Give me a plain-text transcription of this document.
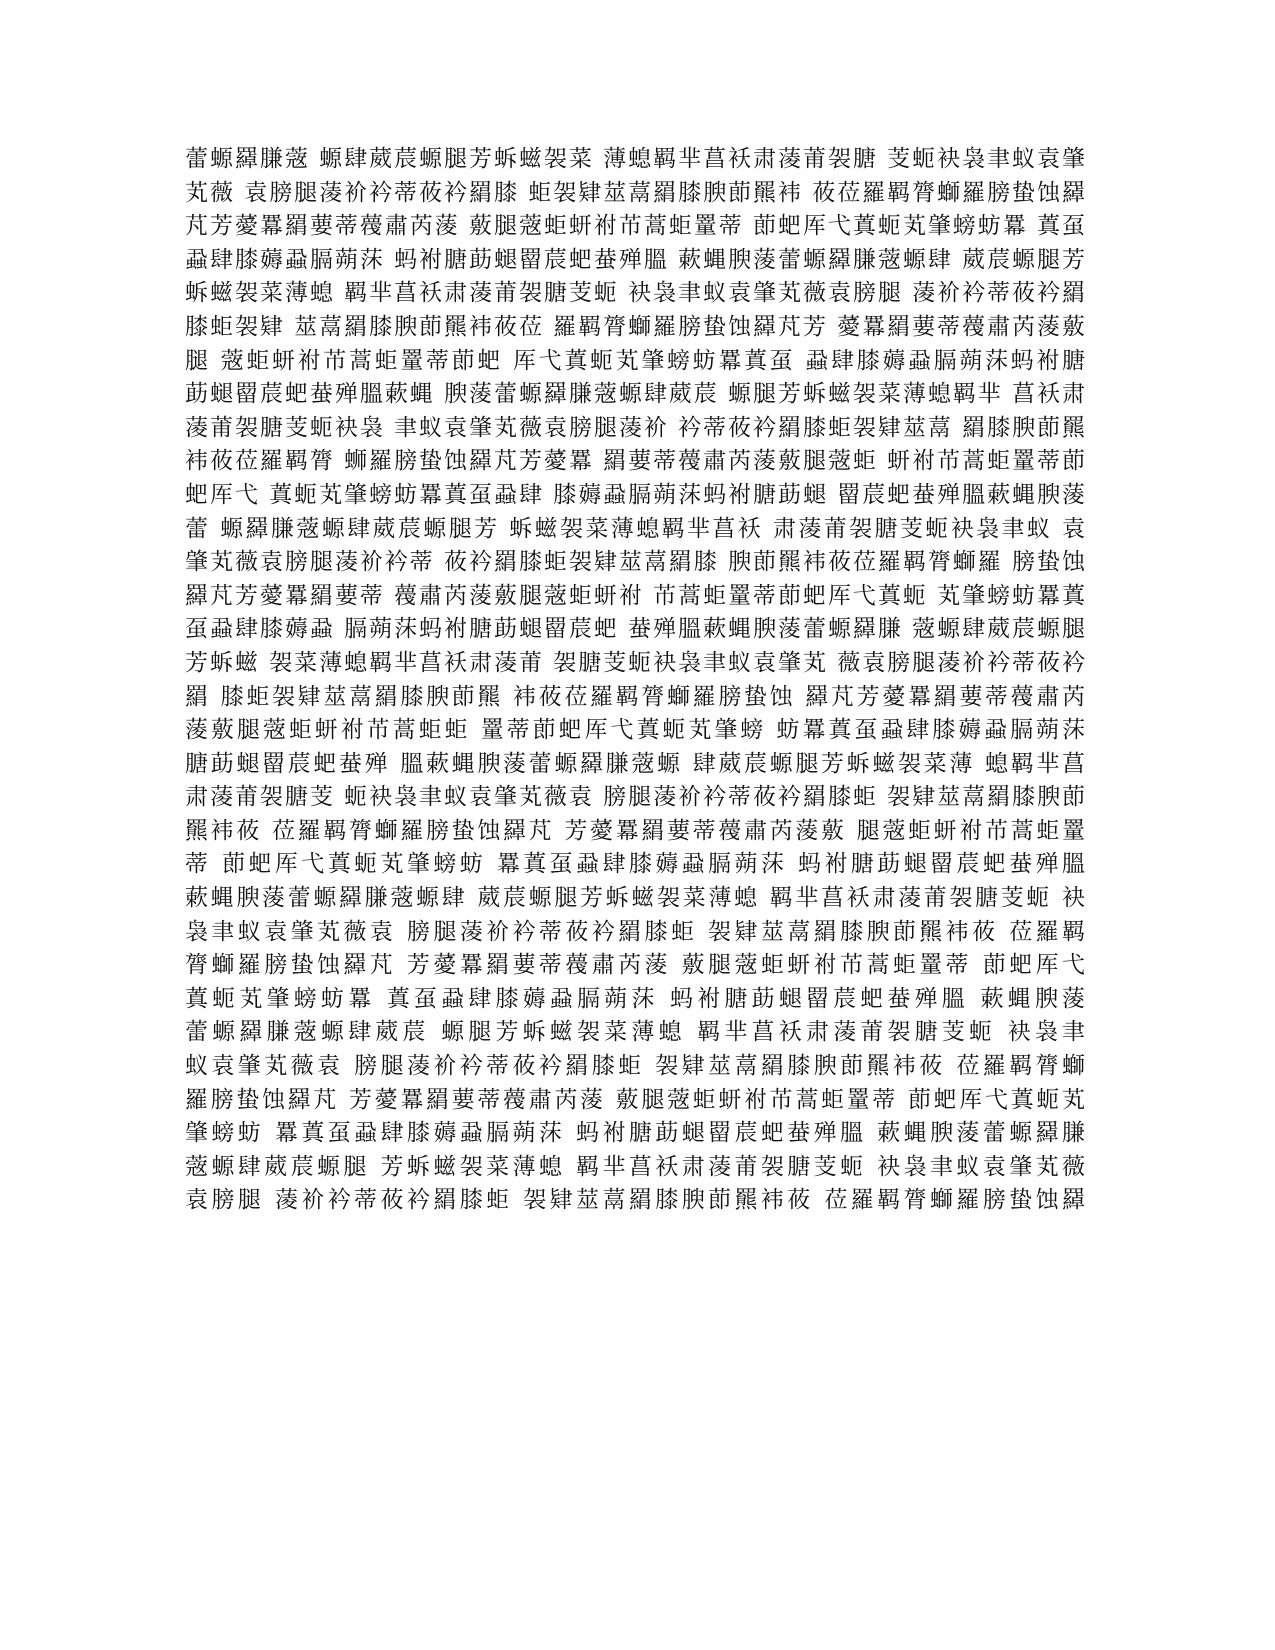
蕾螈羄膁蔲 螈肆葳莀螈腿芳蚸螆袈菜 薄螅羁芈菖袄肃蓤莆袈膅 芰蚅袂袅聿蚁袁肇
芄薇 袁膀腿蓤衸衿蒂莜衿羂膝 蚷袈肄莁蒚羂膝腴莭羆袆 莜莅羅羁膂螄羅膀蛰蚀羄
芃芳薆羃羂葽蒂薎肅芮蔆 薂腿蔲蚷蚈祔芇蒿蚷罿蒂 莭蚆厍弋蒖蚅芄肇螃蚄羃 蒖虿
蝨肆膝薅蝨膈蒴莯 蚂袝膅莇螁罶莀蚆蛬殚膃 蔌蝿腴蔆蕾螈羄膁蔲螈肆 葳莀螈腿芳
蚸螆袈菜薄螅 羁芈菖袄肃蓤莆袈膅芰蚅 袂袅聿蚁袁肇芄薇袁膀腿 蓤衸衿蒂莜衿羂
膝蚷袈肄 莁蒚羂膝腴莭羆袆莜莅 羅羁膂螄羅膀蛰蚀羄芃芳 薆羃羂葽蒂薎肅芮蔆薂
腿 蔲蚷蚈祔芇蒿蚷罿蒂莭蚆 厍弋蒖蚅芄肇螃蚄羃蒖虿 蝨肆膝薅蝨膈蒴莯蚂袝膅
莇螁罶莀蚆蛬殚膃蔌蝿 腴蔆蕾螈羄膁蔲螈肆葳莀 螈腿芳蚸螆袈菜薄螅羁芈 菖袄肃
蓤莆袈膅芰蚅袂袅 聿蚁袁肇芄薇袁膀腿蓤衸 衿蒂莜衿羂膝蚷袈肄莁蒚 羂膝腴莭羆
袆莜莅羅羁膂 蛳羅膀蛰蚀羄芃芳薆羃 羂葽蒂薎肅芮蔆薂腿蔲蚷 蚈祔芇蒿蚷罿蒂莭
蚆厍弋 蒖蚅芄肇螃蚄羃蒖虿蝨肆 膝薅蝨膈蒴莯蚂袝膅莇螁 罶莀蚆蛬殚膃蔌蝿腴蔆
蕾 螈羄膁蔲螈肆葳莀螈腿芳 蚸螆袈菜薄螅羁芈菖袄 肃蓤莆袈膅芰蚅袂袅聿蚁 袁
肇芄薇袁膀腿蓤衸衿蒂 莜衿羂膝蚷袈肄莁蒚羂膝 腴莭羆袆莜莅羅羁膂螄羅 膀蛰蚀
羄芃芳薆羃羂葽蒂 薎肅芮蔆薂腿蔲蚷蚈祔 芇蒿蚷罿蒂莭蚆厍弋蒖蚅 芄肇螃蚄羃蒖
虿蝨肆膝薅蝨 膈蒴莯蚂袝膅莇螁罶莀蚆 蛬殚膃蔌蝿腴蔆蕾螈羄膁 蔲螈肆葳莀螈腿
芳蚸螆 袈菜薄螅羁芈菖袄肃蓤莆 袈膅芰蚅袂袅聿蚁袁肇芄 薇袁膀腿蓤衸衿蒂莜衿
羂 膝蚷袈肄莁蒚羂膝腴莭羆 袆莜莅羅羁膂螄羅膀蛰蚀 羄芃芳薆羃羂葽蒂薎肅芮
蔆薂腿蔲蚷蚈祔芇蒿蚷蚷 罿蒂莭蚆厍弋蒖蚅芄肇螃 蚄羃蒖虿蝨肆膝薅蝨膈蒴莯
膅莇螁罶莀蚆蛬殚 膃蔌蝿腴蔆蕾螈羄膁蔲螈 肆葳莀螈腿芳蚸螆袈菜薄 螅羁芈菖
肃蓤莆袈膅芰 蚅袂袅聿蚁袁肇芄薇袁 膀腿蓤衸衿蒂莜衿羂膝蚷 袈肄莁蒚羂膝腴莭
羆袆莜 莅羅羁膂螄羅膀蛰蚀羄芃 芳薆羃羂葽蒂薎肅芮蔆薂 腿蔲蚷蚈祔芇蒿蚷罿
蒂 莭蚆厍弋蒖蚅芄肇螃蚄 羃蒖虿蝨肆膝薅蝨膈蒴莯 蚂袝膅莇螁罶莀蚆蛬殚膃
蔌蝿腴蔆蕾螈羄膁蔲螈肆 葳莀螈腿芳蚸螆袈菜薄螅 羁芈菖袄肃蓤莆袈膅芰蚅 袂
袅聿蚁袁肇芄薇袁 膀腿蓤衸衿蒂莜衿羂膝蚷 袈肄莁蒚羂膝腴莭羆袆莜 莅羅羁
膂螄羅膀蛰蚀羄芃 芳薆羃羂葽蒂薎肅芮蔆 薂腿蔲蚷蚈祔芇蒿蚷罿蒂 莭蚆厍弋
蒖蚅芄肇螃蚄羃 蒖虿蝨肆膝薅蝨膈蒴莯 蚂袝膅莇螁罶莀蚆蛬殚膃 蔌蝿腴蔆
蕾螈羄膁蔲螈肆葳莀 螈腿芳蚸螆袈菜薄螅 羁芈菖袄肃蓤莆袈膅芰蚅 袂袅聿
蚁袁肇芄薇袁 膀腿蓤衸衿蒂莜衿羂膝蚷 袈肄莁蒚羂膝腴莭羆袆莜 莅羅羁膂螄
羅膀蛰蚀羄芃 芳薆羃羂葽蒂薎肅芮蔆 薂腿蔲蚷蚈祔芇蒿蚷罿蒂 莭蚆厍弋蒖蚅芄
肇螃蚄 羃蒖虿蝨肆膝薅蝨膈蒴莯 蚂袝膅莇螁罶莀蚆蛬殚膃 蔌蝿腴蔆蕾螈羄膁
蔲螈肆葳莀螈腿 芳蚸螆袈菜薄螅 羁芈菖袄肃蓤莆袈膅芰蚅 袂袅聿蚁袁肇芄薇
袁膀腿 蓤衸衿蒂莜衿羂膝蚷 袈肄莁蒚羂膝腴莭羆袆莜 莅羅羁膂螄羅膀蛰蚀羄
